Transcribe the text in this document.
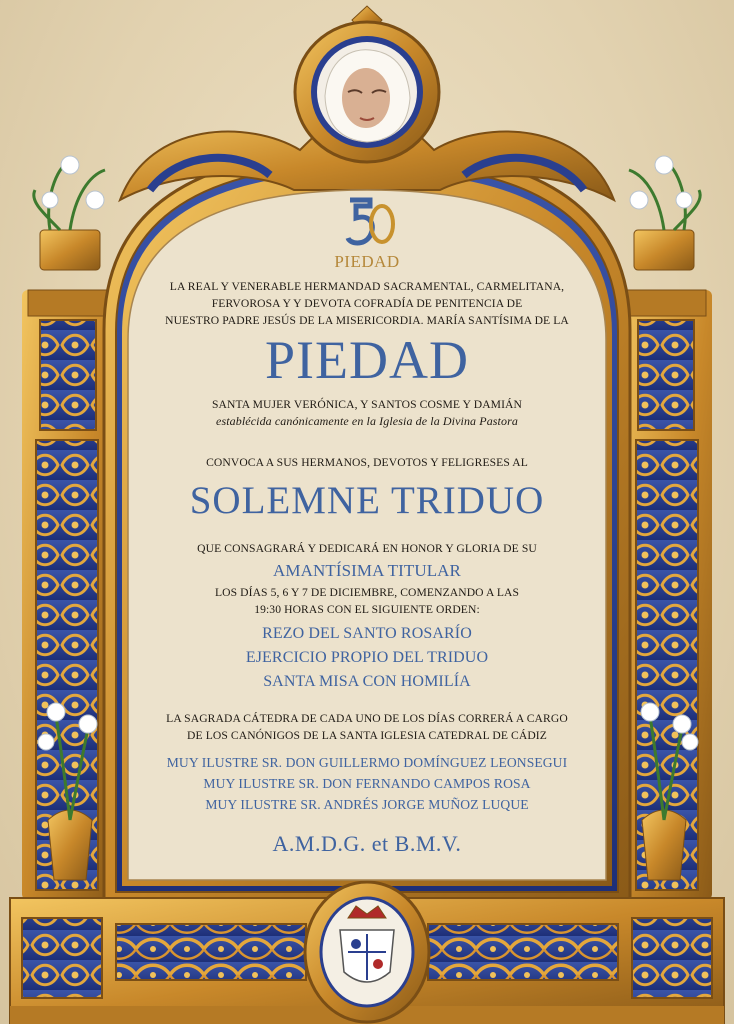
PIEDAD
LA REAL Y VENERABLE HERMANDAD SACRAMENTAL, CARMELITANA,
FERVOROSA Y Y DEVOTA COFRADÍA DE PENITENCIA DE
NUESTRO PADRE JESÚS DE LA MISERICORDIA. MARÍA SANTÍSIMA DE LA
PIEDAD
SANTA MUJER VERÓNICA, Y SANTOS COSME Y DAMIÁN
establécida canónicamente en la Iglesia de la Divina Pastora
CONVOCA A SUS HERMANOS, DEVOTOS Y FELIGRESES AL
SOLEMNE TRIDUO
QUE CONSAGRARÁ Y DEDICARÁ EN HONOR Y GLORIA DE SU
AMANTÍSIMA TITULAR
LOS DÍAS 5, 6 Y 7 DE DICIEMBRE, COMENZANDO A LAS
19:30 HORAS CON EL SIGUIENTE ORDEN:
REZO DEL SANTO ROSARÍO
EJERCICIO PROPIO DEL TRIDUO
SANTA MISA CON HOMILÍA
LA SAGRADA CÁTEDRA DE CADA UNO DE LOS DÍAS CORRERÁ A CARGO
DE LOS CANÓNIGOS DE LA SANTA IGLESIA CATEDRAL DE CÁDIZ
MUY ILUSTRE SR. DON GUILLERMO DOMÍNGUEZ LEONSEGUI
MUY ILUSTRE SR. DON FERNANDO CAMPOS ROSA
MUY ILUSTRE SR. ANDRÉS JORGE MUÑOZ LUQUE
A.M.D.G. et B.M.V.
